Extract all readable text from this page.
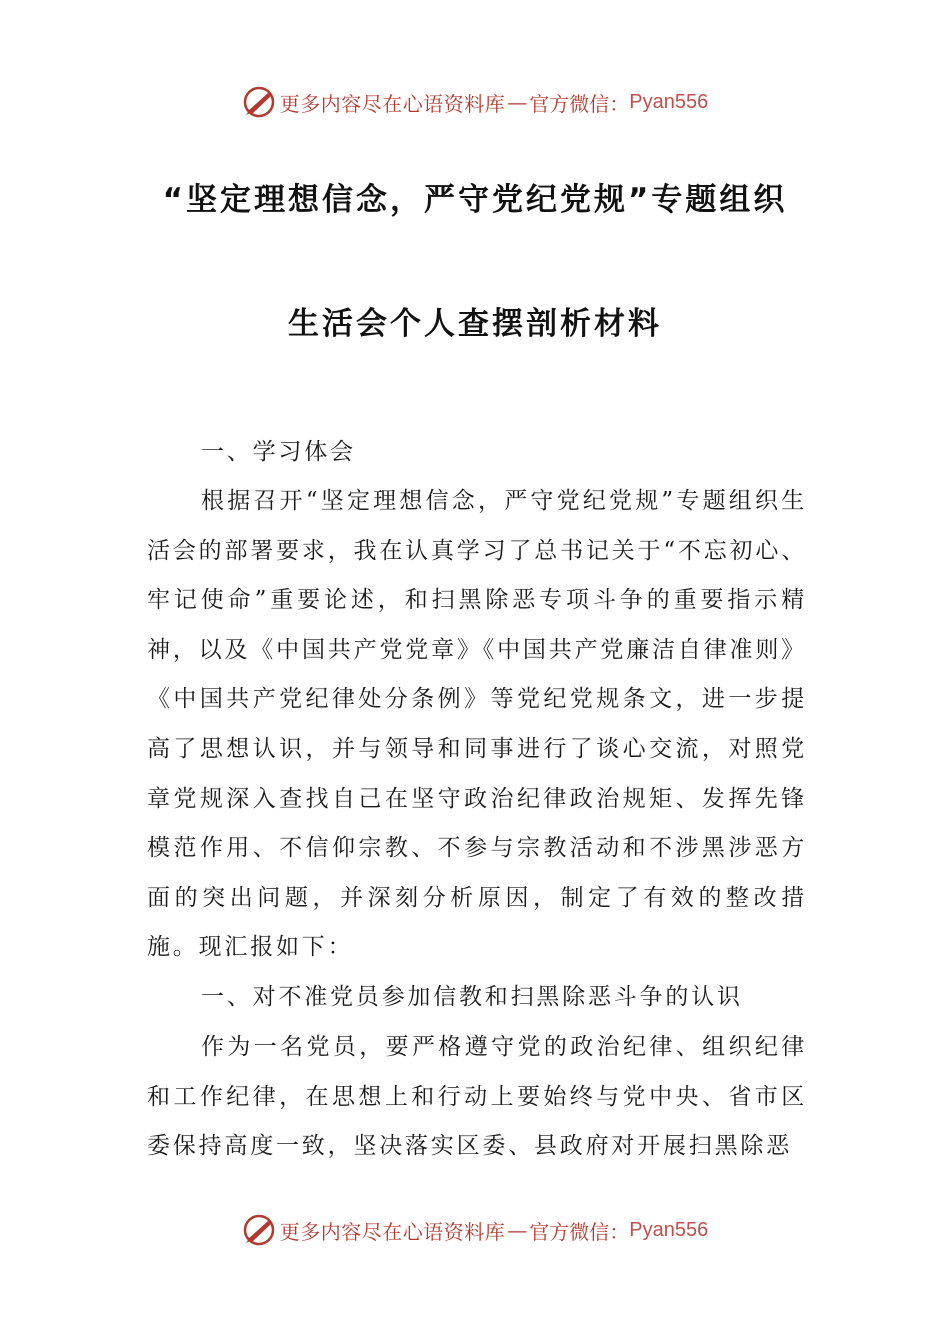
更多内容尽在心语资料库 — 官方微信： Pyan556
“坚定理想信念，严守党纪党规”专题组织
生活会个人查摆剖析材料

一、学习体会

根据召开“坚定理想信念，严守党纪党规”专题组织生活会的部署要求，我在认真学习了总书记关于“不忘初心、牢记使命”重要论述，和扫黑除恶专项斗争的重要指示精神，以及《中国共产党党章》《中国共产党廉洁自律准则》《中国共产党纪律处分条例》等党纪党规条文，进一步提高了思想认识，并与领导和同事进行了谈心交流，对照党章党规深入查找自己在坚守政治纪律政治规矩、发挥先锋模范作用、不信仰宗教、不参与宗教活动和不涉黑涉恶方面的突出问题，并深刻分析原因，制定了有效的整改措施。现汇报如下：

一、对不准党员参加信教和扫黑除恶斗争的认识

作为一名党员，要严格遵守党的政治纪律、组织纪律和工作纪律，在思想上和行动上要始终与党中央、省市区委保持高度一致，坚决落实区委、县政府对开展扫黑除恶

更多内容尽在心语资料库 — 官方微信： Pyan556
